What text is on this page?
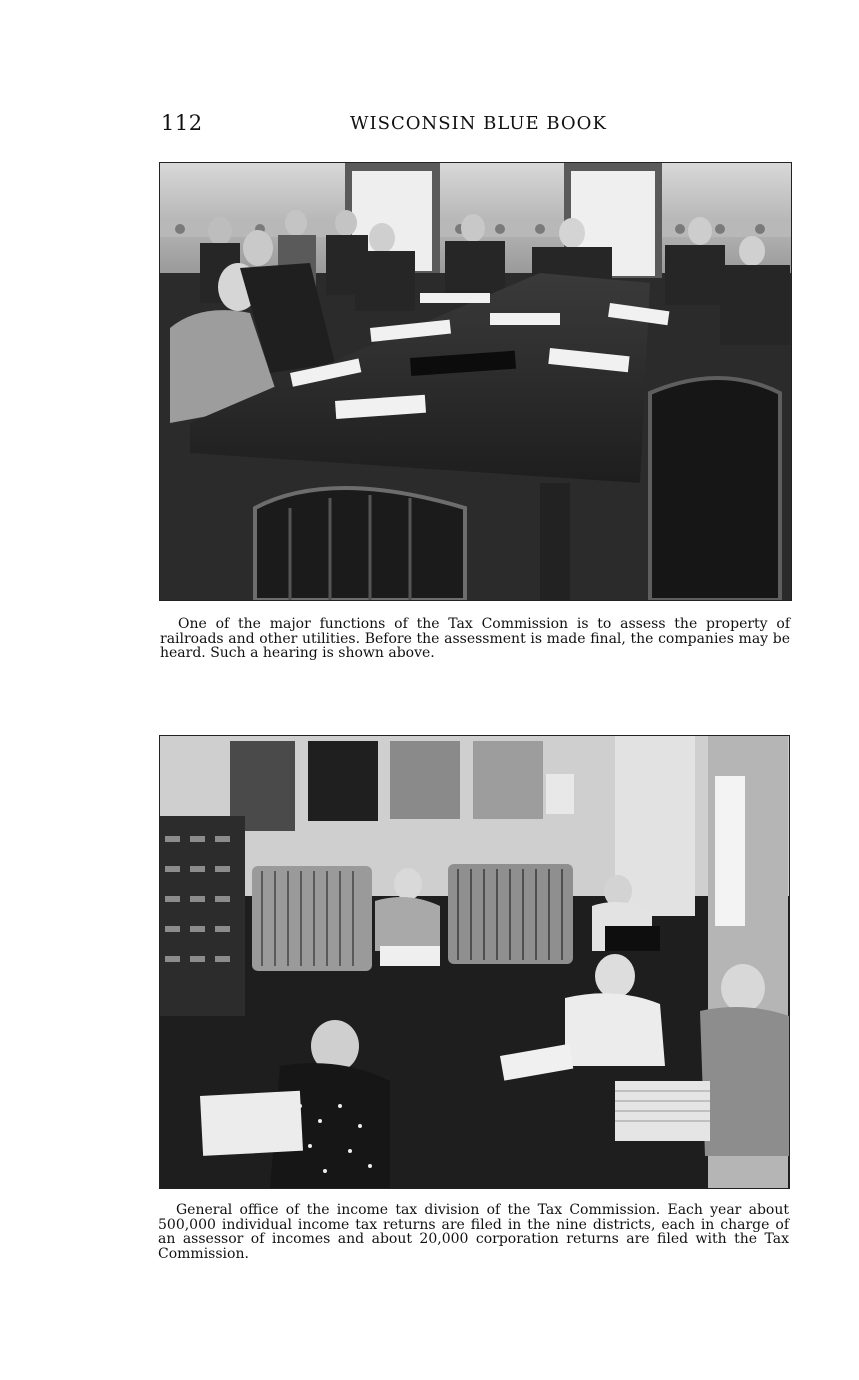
112	WISCONSIN BLUE BOOK

One of the major functions of the Tax Commission is to assess the property of railroads and other utilities. Before the assessment is made final, the companies may be heard. Such a hearing is shown above.

General office of the income tax division of the Tax Commission. Each year about 500,000 individual income tax returns are filed in the nine districts, each in charge of an assessor of incomes and about 20,000 corporation returns are filed with the Tax Commission.
